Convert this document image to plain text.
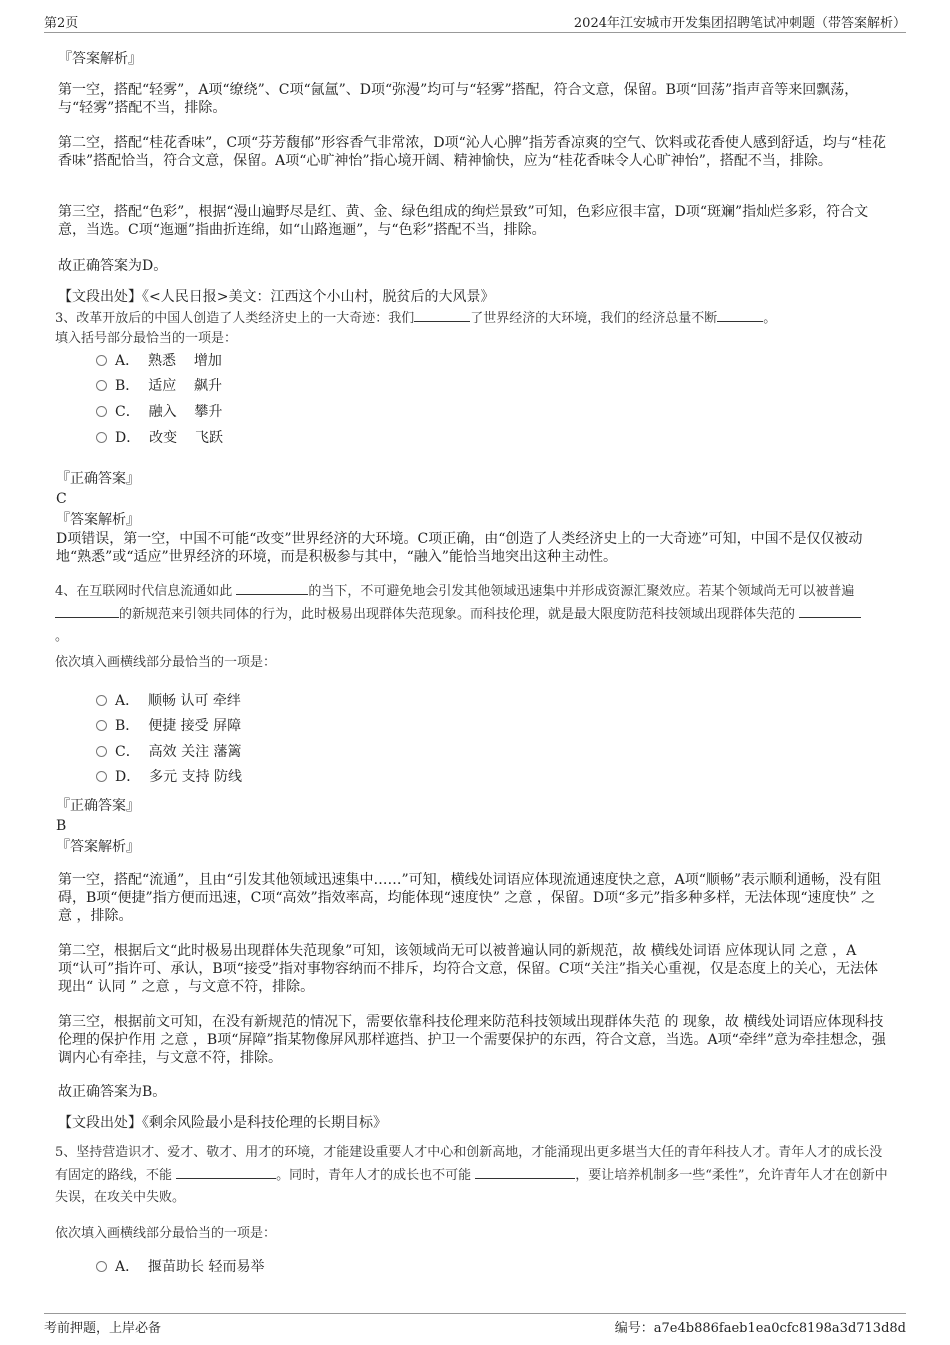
第2页	2024年江安城市开发集团招聘笔试冲刺题（带答案解析）
『答案解析』

第一空，搭配“轻雾”，A项“缭绕”、C项“氤氲”、D项“弥漫”均可与“轻雾”搭配，符合文意，保留。B项“回荡”指声音等来回飘荡，与“轻雾”搭配不当，排除。

第二空，搭配“桂花香味”，C项“芬芳馥郁”形容香气非常浓，D项“沁人心脾”指芳香凉爽的空气、饮料或花香使人感到舒适，均与“桂花香味”搭配恰当，符合文意，保留。A项“心旷神怡”指心境开阔、精神愉快，应为“桂花香味令人心旷神怡”，搭配不当，排除。

第三空，搭配“色彩”，根据“漫山遍野尽是红、黄、金、绿色组成的绚烂景致”可知，色彩应很丰富，D项“斑斓”指灿烂多彩，符合文意，当选。C项“迤逦”指曲折连绵，如“山路迤逦”，与“色彩”搭配不当，排除。

故正确答案为D。
【文段出处】《<人民日报>美文：江西这个小山村，脱贫后的大风景》
3、改革开放后的中国人创造了人类经济史上的一大奇迹：我们	了世界经济的大环境，我们的经济总量不断	。
填入括号部分最恰当的一项是：
A． 熟悉    增加
B． 适应    飙升
C． 融入    攀升
D． 改变    飞跃
『正确答案』
C
『答案解析』

D项错误，第一空，中国不可能“改变”世界经济的大环境。C项正确，由“创造了人类经济史上的一大奇迹”可知，中国不是仅仅被动地“熟悉”或“适应”世界经济的环境，而是积极参与其中，“融入”能恰当地突出这种主动性。

4、在互联网时代信息流通如此	的当下，不可避免地会引发其他领域迅速集中并形成资源汇聚效应。若某个领域尚无可以被普遍的新规范来引领共同体的行为，此时极易出现群体失范现象。而科技伦理，就是最大限度防范科技领域出现群体失范的
。
依次填入画横线部分最恰当的一项是：
A． 顺畅 认可 牵绊
B． 便捷 接受 屏障
C． 高效 关注 藩篱
D． 多元 支持 防线
『正确答案』
B
『答案解析』

第一空，搭配“流通”，且由“引发其他领域迅速集中……”可知，横线处词语应体现流通速度快之意，A项“顺畅”表示顺利通畅，没有阻碍，B项“便捷”指方便而迅速，C项“高效”指效率高，均能体现“速度快” 之意 ，保留。D项“多元”指多种多样，无法体现“速度快” 之意 ，排除。

第二空，根据后文“此时极易出现群体失范现象”可知，该领域尚无可以被普遍认同的新规范，故 横线处词语 应体现认同 之意 ，A项“认可”指许可、承认，B项“接受”指对事物容纳而不排斥，均符合文意，保留。C项“关注”指关心重视，仅是态度上的关心，无法体现出“ 认同 ” 之意 ，与文意不符，排除。

第三空，根据前文可知，在没有新规范的情况下，需要依靠科技伦理来防范科技领域出现群体失范 的 现象，故 横线处词语应体现科技伦理的保护作用 之意 ，B项“屏障”指某物像屏风那样遮挡、护卫一个需要保护的东西，符合文意，当选。A项“牵绊”意为牵挂想念，强调内心有牵挂，与文意不符，排除。

故正确答案为B。
【文段出处】《剩余风险最小是科技伦理的长期目标》
5、坚持营造识才、爱才、敬才、用才的环境，才能建设重要人才中心和创新高地，才能涌现出更多堪当大任的青年科技人才。青年人才的成长没有固定的路线，不能	。同时，青年人才的成长也不可能	，要让培养机制多一些“柔性”，允许青年人才在创新中失误，在攻关中失败。
依次填入画横线部分最恰当的一项是：
A． 揠苗助长 轻而易举
考前押题，上岸必备	编号：a7e4b886faeb1ea0cfc8198a3d713d8d
